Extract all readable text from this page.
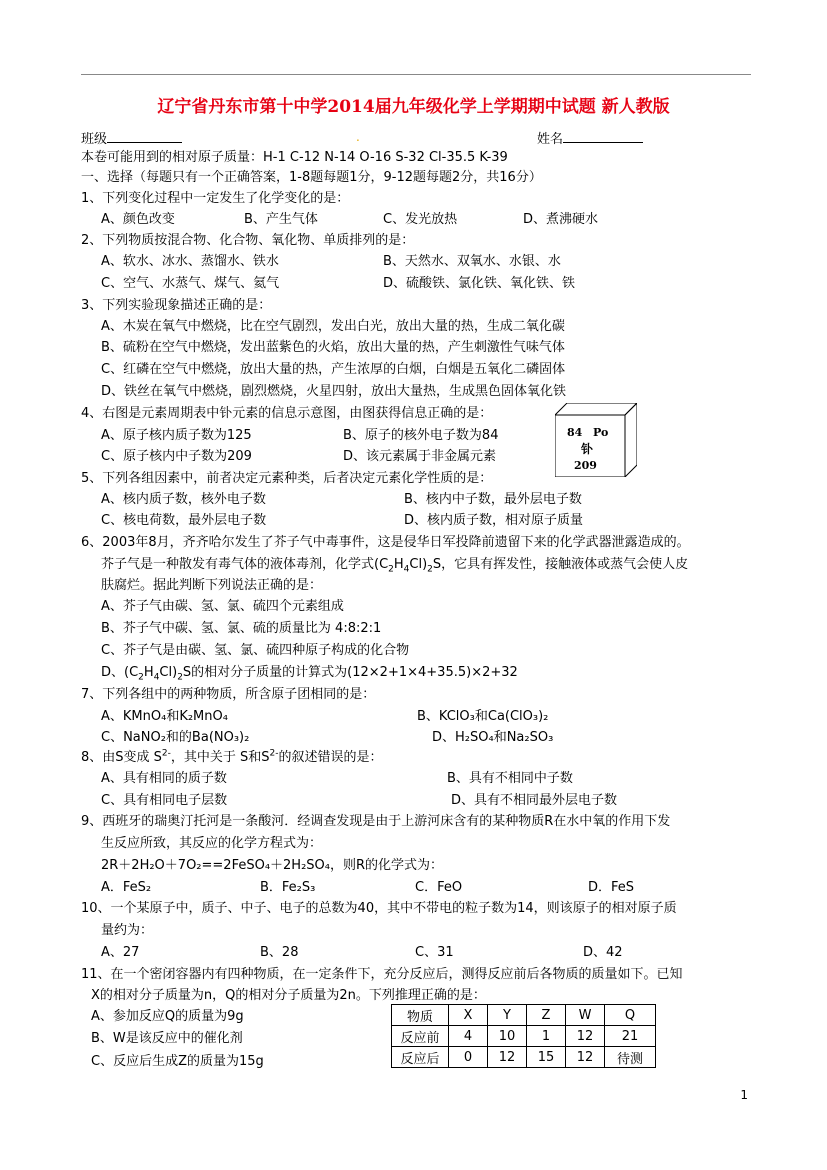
辽宁省丹东市第十中学2014届九年级化学上学期期中试题 新人教版
班级	.	姓名
本卷可能用到的相对原子质量：H-1 C-12 N-14 O-16 S-32 Cl-35.5 K-39
一、选择（每题只有一个正确答案，1-8题每题1分，9-12题每题2分，共16分）
1、下列变化过程中一定发生了化学变化的是：
A、颜色改变	B、产生气体	C、发光放热	D、煮沸硬水
2、下列物质按混合物、化合物、氧化物、单质排列的是：
A、软水、冰水、蒸馏水、铁水	B、天然水、双氧水、水银、水
C、空气、水蒸气、煤气、氦气	D、硫酸铁、氯化铁、氧化铁、铁
3、下列实验现象描述正确的是：
A、木炭在氧气中燃烧，比在空气剧烈，发出白光，放出大量的热，生成二氧化碳
B、硫粉在空气中燃烧，发出蓝紫色的火焰，放出大量的热，产生刺激性气味气体
C、红磷在空气中燃烧，放出大量的热，产生浓厚的白烟，白烟是五氧化二磷固体
D、铁丝在氧气中燃烧，剧烈燃烧，火星四射，放出大量热，生成黑色固体氧化铁
4、右图是元素周期表中钋元素的信息示意图，由图获得信息正确的是：
A、原子核内质子数为125	B、原子的核外电子数为84
C、原子核内中子数为209	D、该元素属于非金属元素
84 Po
钋
209
5、下列各组因素中，前者决定元素种类，后者决定元素化学性质的是：
A、核内质子数，核外电子数	B、核内中子数，最外层电子数
C、核电荷数，最外层电子数	D、核内质子数，相对原子质量
6、2003年8月，齐齐哈尔发生了芥子气中毒事件，这是侵华日军投降前遗留下来的化学武器泄露造成的。
芥子气是一种散发有毒气体的液体毒剂，化学式$(C_2H_4Cl)_2S$，它具有挥发性，接触液体或蒸气会使人皮
肤腐烂。据此判断下列说法正确的是：
A、芥子气由碳、氢、氯、硫四个元素组成
B、芥子气中碳、氢、氯、硫的质量比为 4:8:2:1
C、芥子气是由碳、氢、氯、硫四种原子构成的化合物
D、$(C_2H_4Cl)_2S$的相对分子质量的计算式为(12×2+1×4+35.5)×2+32
7、下列各组中的两种物质，所含原子团相同的是：
A、KMnO₄和K₂MnO₄	B、KClO₃和Ca(ClO₃)₂
C、NaNO₂和的Ba(NO₃)₂	D、H₂SO₄和Na₂SO₃
8、由S变成 $S^{2-}$，其中关于 S和$S^{2-}$的叙述错误的是：
A、具有相同的质子数	B、具有不相同中子数
C、具有相同电子层数	D、具有不相同最外层电子数
9、西班牙的瑞奥汀托河是一条酸河．经调查发现是由于上游河床含有的某种物质R在水中氧的作用下发
生反应所致，其反应的化学方程式为：
2R＋2H₂O＋7O₂==2FeSO₄＋2H₂SO₄，则R的化学式为：
A．FeS₂	B．Fe₂S₃	C．FeO	D．FeS
10、一个某原子中，质子、中子、电子的总数为40，其中不带电的粒子数为14，则该原子的相对原子质
量约为：
A、27	B、28	C、31	D、42
11、在一个密闭容器内有四种物质，在一定条件下，充分反应后，测得反应前后各物质的质量如下。已知
X的相对分子质量为n，Q的相对分子质量为2n。下列推理正确的是：
A、参加反应Q的质量为9g
B、W是该反应中的催化剂
C、反应后生成Z的质量为15g
物质	X	Y	Z	W	Q
反应前	4	10	1	12	21
反应后	0	12	15	12	待测
1
